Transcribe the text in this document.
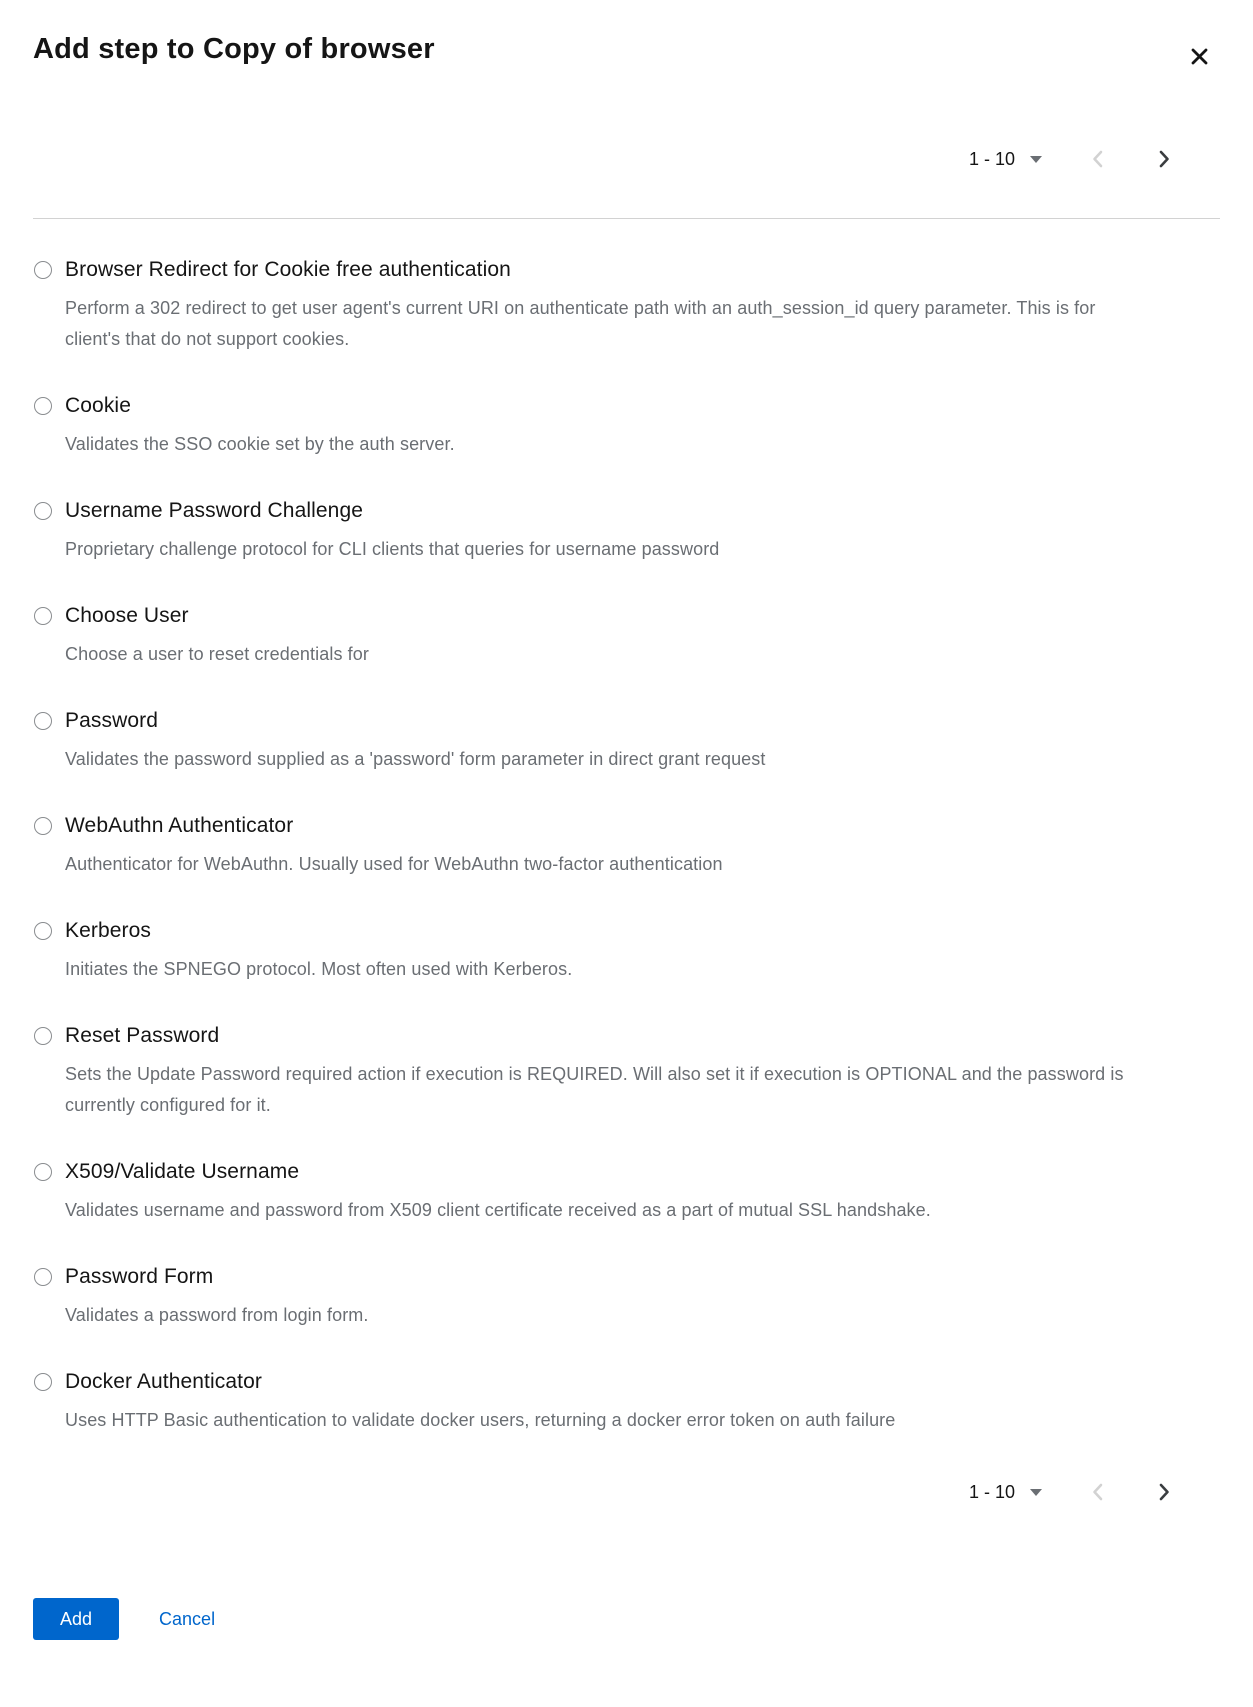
Add step to Copy of browser
1 - 10
Browser Redirect for Cookie free authentication

Perform a 302 redirect to get user agent's current URI on authenticate path with an auth_session_id query parameter. This is for client's that do not support cookies.

Cookie

Validates the SSO cookie set by the auth server.

Username Password Challenge

Proprietary challenge protocol for CLI clients that queries for username password

Choose User

Choose a user to reset credentials for

Password

Validates the password supplied as a 'password' form parameter in direct grant request

WebAuthn Authenticator

Authenticator for WebAuthn. Usually used for WebAuthn two-factor authentication

Kerberos

Initiates the SPNEGO protocol. Most often used with Kerberos.

Reset Password

Sets the Update Password required action if execution is REQUIRED. Will also set it if execution is OPTIONAL and the password is currently configured for it.

X509/Validate Username

Validates username and password from X509 client certificate received as a part of mutual SSL handshake.

Password Form

Validates a password from login form.

Docker Authenticator

Uses HTTP Basic authentication to validate docker users, returning a docker error token on auth failure

1 - 10
Add	Cancel
